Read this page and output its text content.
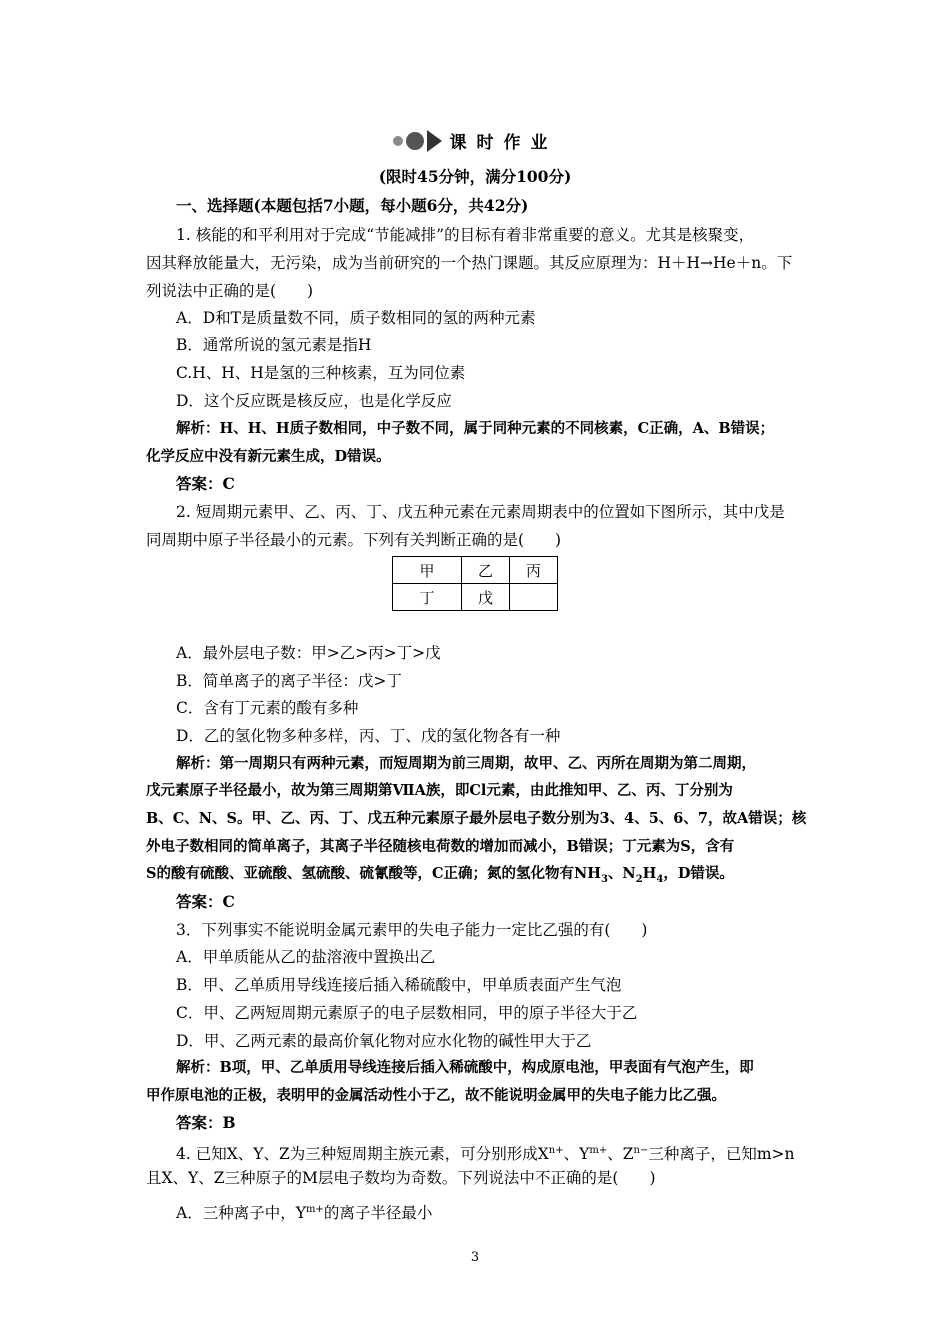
课时作业
(限时45分钟，满分100分)
一、选择题(本题包括7小题，每小题6分，共42分)
1. 核能的和平利用对于完成“节能减排”的目标有着非常重要的意义。尤其是核聚变，
因其释放能量大，无污染，成为当前研究的一个热门课题。其反应原理为：H＋H→He＋n。下
列说法中正确的是(　　)
A．D和T是质量数不同，质子数相同的氢的两种元素
B．通常所说的氢元素是指H
C.H、H、H是氢的三种核素，互为同位素
D．这个反应既是核反应，也是化学反应
解析：H、H、H质子数相同，中子数不同，属于同种元素的不同核素，C正确，A、B错误；
化学反应中没有新元素生成，D错误。
答案：C
2. 短周期元素甲、乙、丙、丁、戊五种元素在元素周期表中的位置如下图所示，其中戊是
同周期中原子半径最小的元素。下列有关判断正确的是(　　)
甲	乙	丙
丁	戊	
A．最外层电子数：甲>乙>丙>丁>戊
B．简单离子的离子半径：戊>丁
C．含有丁元素的酸有多种
D．乙的氢化物多种多样，丙、丁、戊的氢化物各有一种
解析：第一周期只有两种元素，而短周期为前三周期，故甲、乙、丙所在周期为第二周期，
戊元素原子半径最小，故为第三周期第ⅦA族，即Cl元素，由此推知甲、乙、丙、丁分别为
B、C、N、S。甲、乙、丙、丁、戊五种元素原子最外层电子数分别为3、4、5、6、7，故A错误；核
外电子数相同的简单离子，其离子半径随核电荷数的增加而减小，B错误；丁元素为S，含有
S的酸有硫酸、亚硫酸、氢硫酸、硫氰酸等，C正确；氮的氢化物有$NH_3$、$N_2H_4$，D错误。
答案：C
3．下列事实不能说明金属元素甲的失电子能力一定比乙强的有(　　)
A．甲单质能从乙的盐溶液中置换出乙
B．甲、乙单质用导线连接后插入稀硫酸中，甲单质表面产生气泡
C．甲、乙两短周期元素原子的电子层数相同，甲的原子半径大于乙
D．甲、乙两元素的最高价氧化物对应水化物的碱性甲大于乙
解析：B项，甲、乙单质用导线连接后插入稀硫酸中，构成原电池，甲表面有气泡产生，即
甲作原电池的正极，表明甲的金属活动性小于乙，故不能说明金属甲的失电子能力比乙强。
答案：B
4. 已知X、Y、Z为三种短周期主族元素，可分别形成$X^{n+}$、$Y^{m+}$、$Z^{n-}$三种离子，已知m>n
且X、Y、Z三种原子的M层电子数均为奇数。下列说法中不正确的是(　　)
A．三种离子中，$Y^{m+}$的离子半径最小
3
